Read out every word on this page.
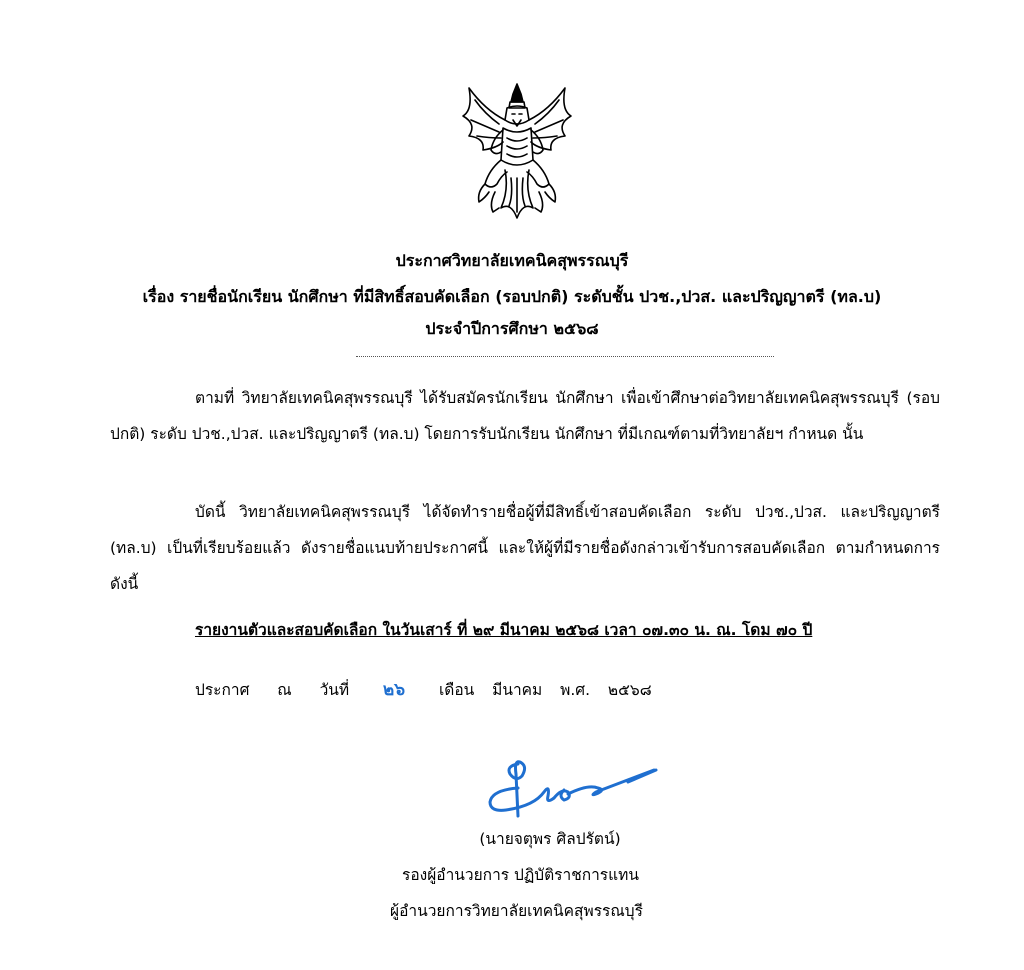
ประกาศวิทยาลัยเทคนิคสุพรรณบุรี
เรื่อง รายชื่อนักเรียน นักศึกษา ที่มีสิทธิ์สอบคัดเลือก (รอบปกติ) ระดับชั้น ปวช.,ปวส. และปริญญาตรี (ทล.บ)
ประจำปีการศึกษา ๒๕๖๘
ตามที่ วิทยาลัยเทคนิคสุพรรณบุรี ได้รับสมัครนักเรียน นักศึกษา เพื่อเข้าศึกษาต่อวิทยาลัยเทคนิคสุพรรณบุรี (รอบปกติ) ระดับ ปวช.,ปวส. และปริญญาตรี (ทล.บ) โดยการรับนักเรียน นักศึกษา ที่มีเกณฑ์ตามที่วิทยาลัยฯ กำหนด นั้น
บัดนี้ วิทยาลัยเทคนิคสุพรรณบุรี ได้จัดทำรายชื่อผู้ที่มีสิทธิ์เข้าสอบคัดเลือก ระดับ ปวช.,ปวส. และปริญญาตรี (ทล.บ) เป็นที่เรียบร้อยแล้ว ดังรายชื่อแนบท้ายประกาศนี้ และให้ผู้ที่มีรายชื่อดังกล่าวเข้ารับการสอบคัดเลือก ตามกำหนดการดังนี้
รายงานตัวและสอบคัดเลือก ในวันเสาร์ ที่ ๒๙ มีนาคม ๒๕๖๘ เวลา ๐๗.๓๐ น. ณ. โดม ๗๐ ปี
ประกาศ ณ วันที่ ๒๖ เดือน มีนาคม พ.ศ. ๒๕๖๘
(นายจตุพร ศิลปรัตน์)
รองผู้อำนวยการ ปฏิบัติราชการแทน
ผู้อำนวยการวิทยาลัยเทคนิคสุพรรณบุรี
